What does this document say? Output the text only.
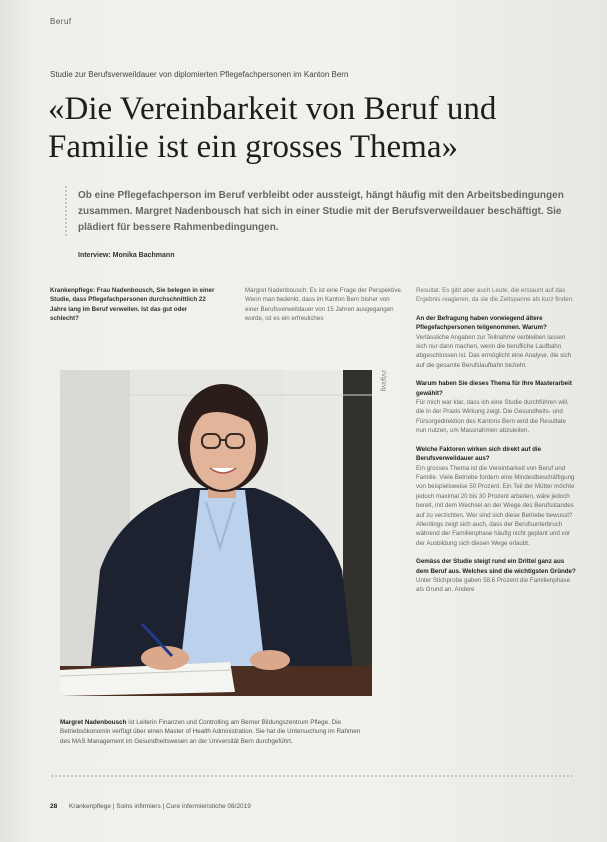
Beruf
Studie zur Berufsverweildauer von diplomierten Pflegefachpersonen im Kanton Bern
«Die Vereinbarkeit von Beruf und Familie ist ein grosses Thema»

Ob eine Pflegefachperson im Beruf verbleibt oder aussteigt, hängt häufig mit den Arbeitsbedingungen zusammen. Margret Nadenbousch hat sich in einer Studie mit der Berufsverweildauer beschäftigt. Sie plädiert für bessere Rahmenbedingungen.

Interview: Monika Bachmann
Krankenpflege: Frau Nadenbousch, Sie belegen in einer Studie, dass Pflegefachpersonen durchschnittlich 22 Jahre lang im Beruf verweilen. Ist das gut oder schlecht?
Margret Nadenbousch: Es ist eine Frage der Perspektive. Wenn man bedenkt, dass im Kanton Bern bisher von einer Berufsverweildauer von 15 Jahren ausgegangen wurde, ist es ein erfreuliches
Resultat. Es gibt aber auch Leute, die erstaunt auf das Ergebnis reagieren, da sie die Zeitspanne als kurz finden.
An der Befragung haben vorwiegend ältere Pflegefachpersonen teilgenommen. Warum?
Verlässliche Angaben zur Teilnahme verbleiben lassen sich nur dann machen, wenn die berufliche Laufbahn abgeschlossen ist. Das ermöglicht eine Analyse, die sich auf die gesamte Berufslaufbahn bezieht.
Warum haben Sie dieses Thema für Ihre Masterarbeit gewählt?
Für mich war klar, dass ich eine Studie durchführen will, die in der Praxis Wirkung zeigt. Die Gesundheits- und Fürsorgedirektion des Kantons Bern wird die Resultate nun nutzen, um Massnahmen abzuleiten.
Welche Faktoren wirken sich direkt auf die Berufsverweildauer aus?
Ein grosses Thema ist die Vereinbarkeit von Beruf und Familie. Viele Betriebe fordern eine Mindestbeschäftigung von beispielsweise 50 Prozent. Ein Teil der Mütter möchte jedoch maximal 20 bis 30 Prozent arbeiten, wäre jedoch bereit, mit dem Wechsel an der Wiege des Berufsstandes auf zu verzichten. Wer sind sich diese Betriebe bewusst? Allerdings zeigt sich auch, dass der Berufsunterbruch während der Familienphase häufig nicht geplant und vor der Ausbildung sich diesen Wege erlaubt.
Gemäss der Studie steigt rund ein Drittel ganz aus dem Beruf aus. Welches sind die wichtigsten Gründe?
Unter Stichprobe gaben 58.6 Prozent die Familienphase als Grund an. Andere
zVg/zvg

Margret Nadenbousch ist Leiterin Finanzen und Controlling am Berner Bildungszentrum Pflege. Die Betriebsökonomin verfügt über einen Master of Health Administration. Sie hat die Untersuchung im Rahmen des MAS Management im Gesundheitswesen an der Universität Bern durchgeführt.

28 Krankenpflege | Soins infirmiers | Cure infermieristiche 08/2019
